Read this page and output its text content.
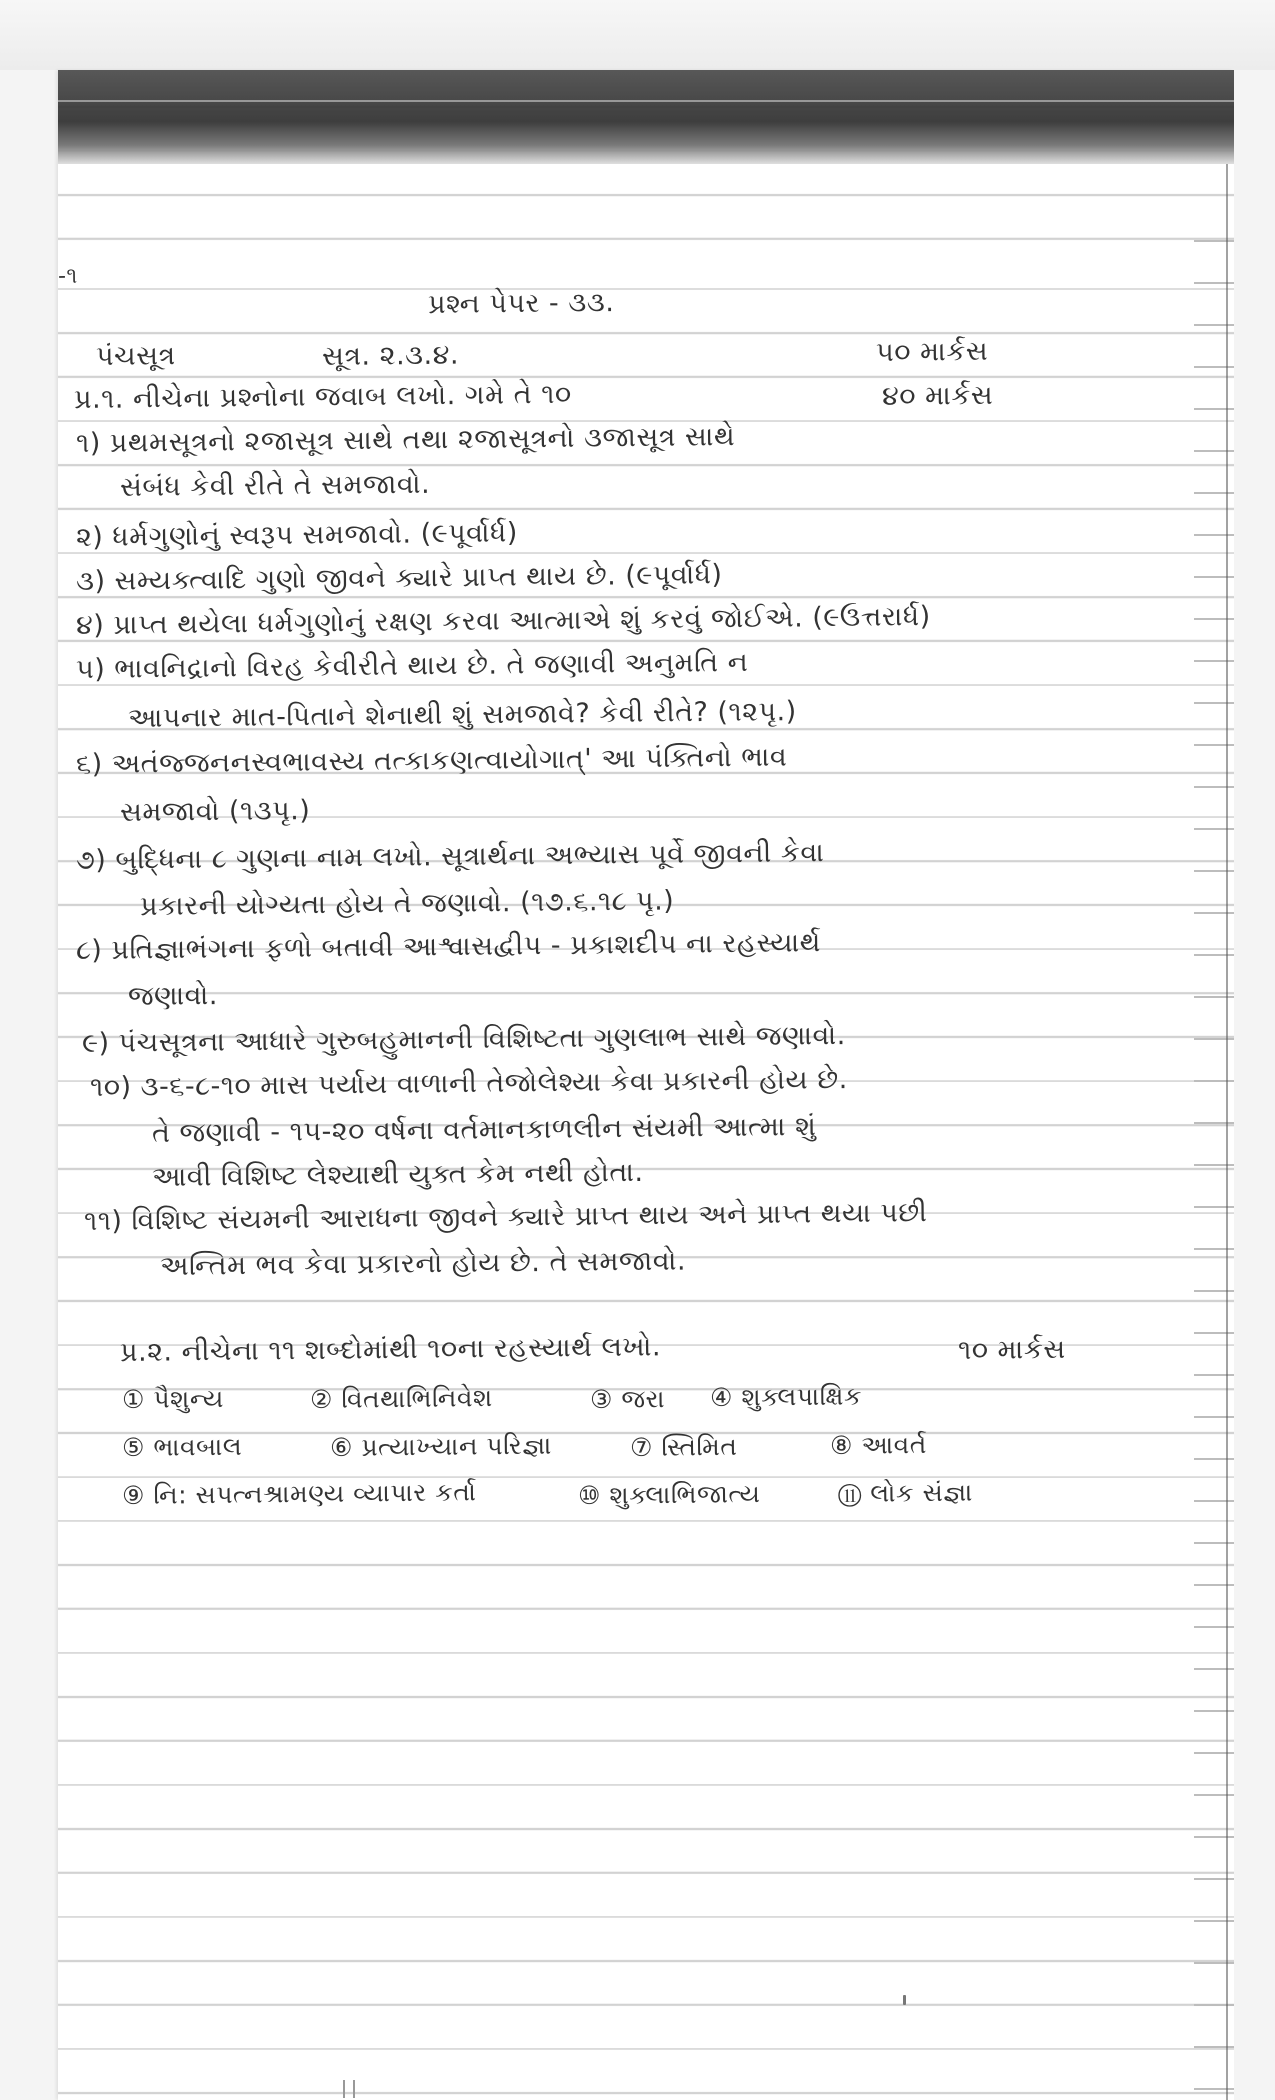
-૧
પ્રશ્ન પેપર - ૩૩.
પંચસૂત્ર	સૂત્ર. ૨.૩.૪.	૫૦ માર્કસ
પ્ર.૧. નીચેના પ્રશ્નોના જવાબ લખો. ગમે તે ૧૦	૪૦ માર્કસ
૧) પ્રથમસૂત્રનો ૨જાસૂત્ર સાથે તથા ૨જાસૂત્રનો ૩જાસૂત્ર સાથે
સંબંધ કેવી રીતે તે સમજાવો.
૨) ધર્મગુણોનું સ્વરૂપ સમજાવો. (૯પૂર્વાર્ધ)
૩) સમ્યક્ત્વાદિ ગુણો જીવને ક્યારે પ્રાપ્ત થાય છે. (૯પૂર્વાર્ધ)
૪) પ્રાપ્ત થયેલા ધર્મગુણોનું રક્ષણ કરવા આત્માએ શું કરવું જોઈએ. (૯ઉત્તરાર્ધ)
૫) ભાવનિદ્રાનો વિરહ કેવીરીતે થાય છે. તે જણાવી અનુમતિ ન
આપનાર માત-પિતાને શેનાથી શું સમજાવે? કેવી રીતે? (૧૨પૃ.)
૬) અતંજ્જનનસ્વભાવસ્ય તત્કાકણત્વાયોગાત્' આ પંક્તિનો ભાવ
સમજાવો (૧૩પૃ.)
૭) બુદ્ધિના ૮ ગુણના નામ લખો. સૂત્રાર્થના અભ્યાસ પૂર્વે જીવની કેવા
પ્રકારની યોગ્યતા હોય તે જણાવો. (૧૭.૬.૧૮ પૃ.)
૮) પ્રતિજ્ઞાભંગના ફળો બતાવી આશ્વાસદ્વીપ - પ્રકાશદીપ ના રહસ્યાર્થ
જણાવો.
૯) પંચસૂત્રના આધારે ગુરુબહુમાનની વિશિષ્ટતા ગુણલાભ સાથે જણાવો.
૧૦) ૩-૬-૮-૧૦ માસ પર્યાય વાળાની તેજોલેશ્યા કેવા પ્રકારની હોય છે.
તે જણાવી - ૧૫-૨૦ વર્ષના વર્તમાનકાળલીન સંયમી આત્મા શું
આવી વિશિષ્ટ લેશ્યાથી યુક્ત કેમ નથી હોતા.
૧૧) વિશિષ્ટ સંયમની આરાધના જીવને ક્યારે પ્રાપ્ત થાય અને પ્રાપ્ત થયા પછી
અન્તિમ ભવ કેવા પ્રકારનો હોય છે. તે સમજાવો.
પ્ર.૨. નીચેના ૧૧ શબ્દોમાંથી ૧૦ના રહસ્યાર્થ લખો.	૧૦ માર્કસ
① પૈશુન્ય	② વિતથાભિનિવેશ	③ જરા ④ શુક્લપાક્ષિક
⑤ ભાવબાલ	⑥ પ્રત્યાખ્યાન પરિજ્ઞા	⑦ સ્તિમિત	⑧ આવર્ત
⑨ નિ: સપત્નશ્રામણ્ય વ્યાપાર કર્તા	⑩ શુક્લાભિજાત્ય	⑪ લોક સંજ્ઞા
